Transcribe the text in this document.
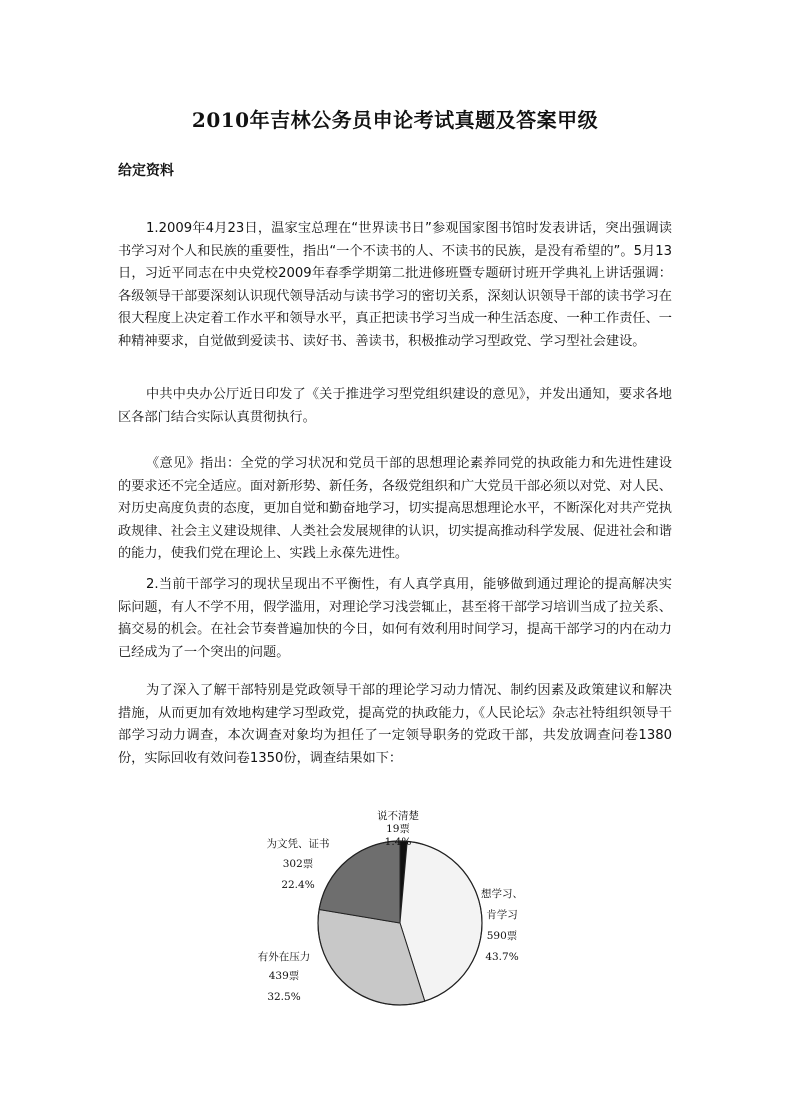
2010年吉林公务员申论考试真题及答案甲级
给定资料

1.2009年4月23日，温家宝总理在“世界读书日”参观国家图书馆时发表讲话，突出强调读书学习对个人和民族的重要性，指出“一个不读书的人、不读书的民族，是没有希望的”。5月13日，习近平同志在中央党校2009年春季学期第二批进修班暨专题研讨班开学典礼上讲话强调：各级领导干部要深刻认识现代领导活动与读书学习的密切关系，深刻认识领导干部的读书学习在很大程度上决定着工作水平和领导水平，真正把读书学习当成一种生活态度、一种工作责任、一种精神要求，自觉做到爱读书、读好书、善读书，积极推动学习型政党、学习型社会建设。

中共中央办公厅近日印发了《关于推进学习型党组织建设的意见》，并发出通知，要求各地区各部门结合实际认真贯彻执行。

《意见》指出：全党的学习状况和党员干部的思想理论素养同党的执政能力和先进性建设的要求还不完全适应。面对新形势、新任务，各级党组织和广大党员干部必须以对党、对人民、对历史高度负责的态度，更加自觉和勤奋地学习，切实提高思想理论水平，不断深化对共产党执政规律、社会主义建设规律、人类社会发展规律的认识，切实提高推动科学发展、促进社会和谐的能力，使我们党在理论上、实践上永葆先进性。

2.当前干部学习的现状呈现出不平衡性，有人真学真用，能够做到通过理论的提高解决实际问题，有人不学不用，假学滥用，对理论学习浅尝辄止，甚至将干部学习培训当成了拉关系、搞交易的机会。在社会节奏普遍加快的今日，如何有效利用时间学习，提高干部学习的内在动力已经成为了一个突出的问题。

为了深入了解干部特别是党政领导干部的理论学习动力情况、制约因素及政策建议和解决措施，从而更加有效地构建学习型政党，提高党的执政能力，《人民论坛》杂志社特组织领导干部学习动力调查，本次调查对象均为担任了一定领导职务的党政干部，共发放调查问卷1380份，实际回收有效问卷1350份，调查结果如下：

说不清楚
19票
1.4%
想学习、
肯学习
590票
43.7%
有外在压力
439票
32.5%
为文凭、证书
302票
22.4%
